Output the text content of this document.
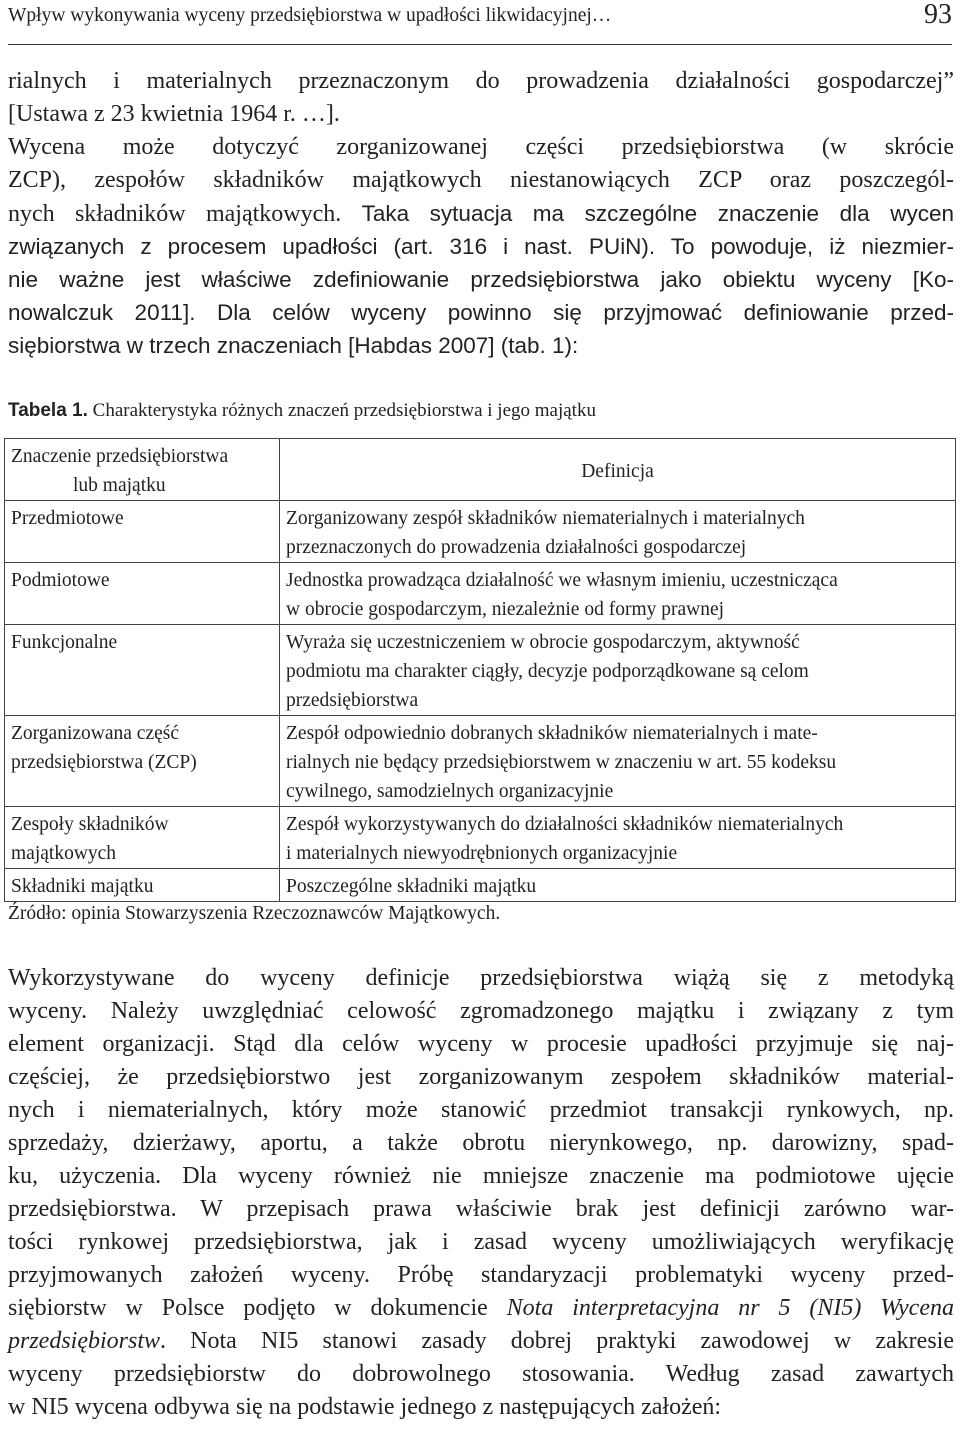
Wpływ wykonywania wyceny przedsiębiorstwa w upadłości likwidacyjnej…	93
rialnych i materialnych przeznaczonym do prowadzenia działalności gospodarczej”
[Ustawa z 23 kwietnia 1964 r. …].
Wycena może dotyczyć zorganizowanej części przedsiębiorstwa (w skrócie
ZCP), zespołów składników majątkowych niestanowiących ZCP oraz poszczegól-
nych składników majątkowych. Taka sytuacja ma szczególne znaczenie dla wycen
związanych z procesem upadłości (art. 316 i nast. PUiN). To powoduje, iż niezmier-
nie ważne jest właściwe zdefiniowanie przedsiębiorstwa jako obiektu wyceny [Ko-
nowalczuk 2011]. Dla celów wyceny powinno się przyjmować definiowanie przed-
siębiorstwa w trzech znaczeniach [Habdas 2007] (tab. 1):
Tabela 1. Charakterystyka różnych znaczeń przedsiębiorstwa i jego majątku
Znaczenie przedsiębiorstwa
lub majątku	Definicja

Przedmiotowe	Zorganizowany zespół składników niematerialnych i materialnych
przeznaczonych do prowadzenia działalności gospodarczej

Podmiotowe	Jednostka prowadząca działalność we własnym imieniu, uczestnicząca
w obrocie gospodarczym, niezależnie od formy prawnej

Funkcjonalne	Wyraża się uczestniczeniem w obrocie gospodarczym, aktywność
podmiotu ma charakter ciągły, decyzje podporządkowane są celom
przedsiębiorstwa

Zorganizowana część
przedsiębiorstwa (ZCP)	Zespół odpowiednio dobranych składników niematerialnych i mate-
rialnych nie będący przedsiębiorstwem w znaczeniu w art. 55 kodeksu
cywilnego, samodzielnych organizacyjnie

Zespoły składników
majątkowych	Zespół wykorzystywanych do działalności składników niematerialnych
i materialnych niewyodrębnionych organizacyjnie

Składniki majątku	Poszczególne składniki majątku
Źródło: opinia Stowarzyszenia Rzeczoznawców Majątkowych.
Wykorzystywane do wyceny definicje przedsiębiorstwa wiążą się z metodyką
wyceny. Należy uwzględniać celowość zgromadzonego majątku i związany z tym
element organizacji. Stąd dla celów wyceny w procesie upadłości przyjmuje się naj-
częściej, że przedsiębiorstwo jest zorganizowanym zespołem składników material-
nych i niematerialnych, który może stanowić przedmiot transakcji rynkowych, np.
sprzedaży, dzierżawy, aportu, a także obrotu nierynkowego, np. darowizny, spad-
ku, użyczenia. Dla wyceny również nie mniejsze znaczenie ma podmiotowe ujęcie
przedsiębiorstwa. W przepisach prawa właściwie brak jest definicji zarówno war-
tości rynkowej przedsiębiorstwa, jak i zasad wyceny umożliwiających weryfikację
przyjmowanych założeń wyceny. Próbę standaryzacji problematyki wyceny przed-
siębiorstw w Polsce podjęto w dokumencie Nota interpretacyjna nr 5 (NI5) Wycena
przedsiębiorstw. Nota NI5 stanowi zasady dobrej praktyki zawodowej w zakresie
wyceny przedsiębiorstw do dobrowolnego stosowania. Według zasad zawartych
w NI5 wycena odbywa się na podstawie jednego z następujących założeń:
